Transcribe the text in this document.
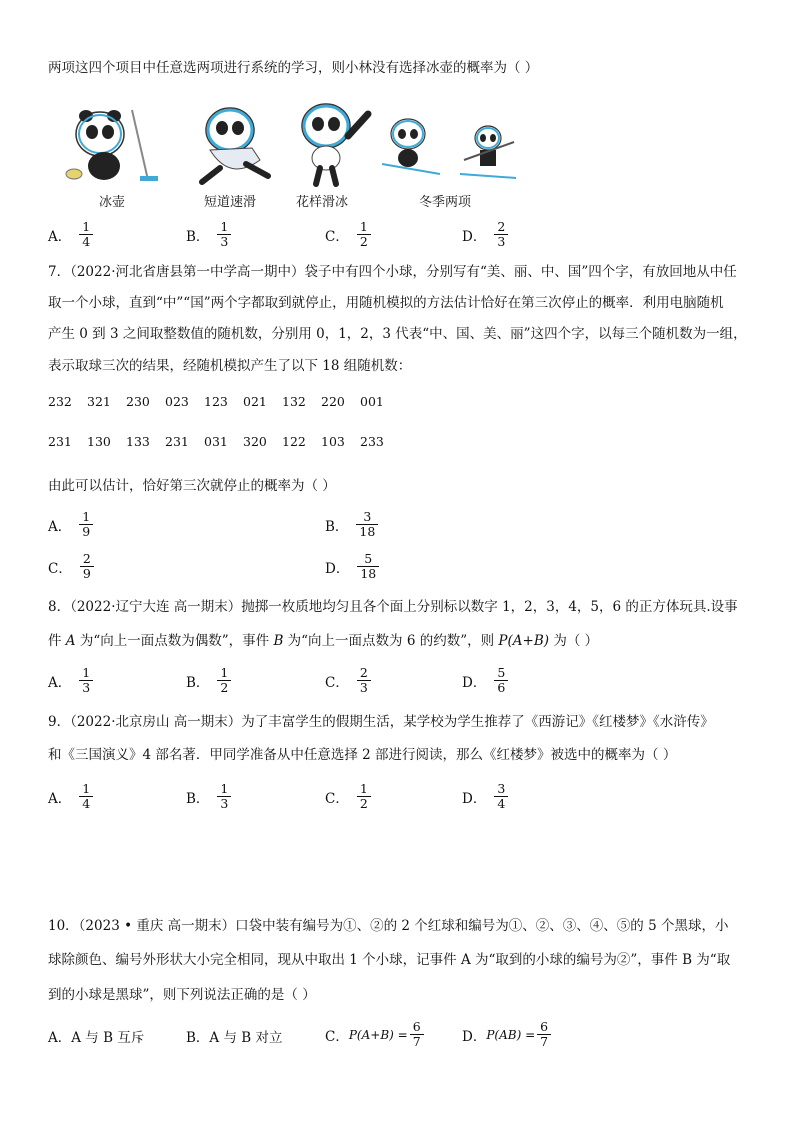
两项这四个项目中任意选两项进行系统的学习，则小林没有选择冰壶的概率为（ ）
冰壶	短道速滑	花样滑冰	冬季两项
A． $\frac{1}{4}$	B． $\frac{1}{3}$	C． $\frac{1}{2}$	D． $\frac{2}{3}$
7．（2022·河北省唐县第一中学高一期中）袋子中有四个小球，分别写有“美、丽、中、国”四个字，有放回地从中任
取一个小球，直到“中”“国”两个字都取到就停止，用随机模拟的方法估计恰好在第三次停止的概率．利用电脑随机
产生 0 到 3 之间取整数值的随机数，分别用 0，1，2，3 代表“中、国、美、丽”这四个字，以每三个随机数为一组，
表示取球三次的结果，经随机模拟产生了以下 18 组随机数：
232 321 230 023 123 021 132 220 001
231 130 133 231 031 320 122 103 233
由此可以估计，恰好第三次就停止的概率为（ ）
A． $\frac{1}{9}$	B． $\frac{3}{18}$
C． $\frac{2}{9}$	D． $\frac{5}{18}$
8．（2022·辽宁大连 高一期末）抛掷一枚质地均匀且各个面上分别标以数字 1，2，3，4，5，6 的正方体玩具.设事
件 A 为“向上一面点数为偶数”，事件 B 为“向上一面点数为 6 的约数”，则 P(A+B) 为（ ）
A． $\frac{1}{3}$	B． $\frac{1}{2}$	C． $\frac{2}{3}$	D． $\frac{5}{6}$
9．（2022·北京房山 高一期末）为了丰富学生的假期生活，某学校为学生推荐了《西游记》《红楼梦》《水浒传》
和《三国演义》4 部名著．甲同学准备从中任意选择 2 部进行阅读，那么《红楼梦》被选中的概率为（ ）
A． $\frac{1}{4}$	B． $\frac{1}{3}$	C． $\frac{1}{2}$	D． $\frac{3}{4}$
10．（2023 • 重庆 高一期末）口袋中装有编号为①、②的 2 个红球和编号为①、②、③、④、⑤的 5 个黑球，小
球除颜色、编号外形状大小完全相同，现从中取出 1 个小球，记事件 A 为“取到的小球的编号为②”，事件 B 为“取
到的小球是黑球”，则下列说法正确的是（ ）
A．A 与 B 互斥	B．A 与 B 对立	C． $P(A+B) = \frac{6}{7}$	D． $P(AB) = \frac{6}{7}$
